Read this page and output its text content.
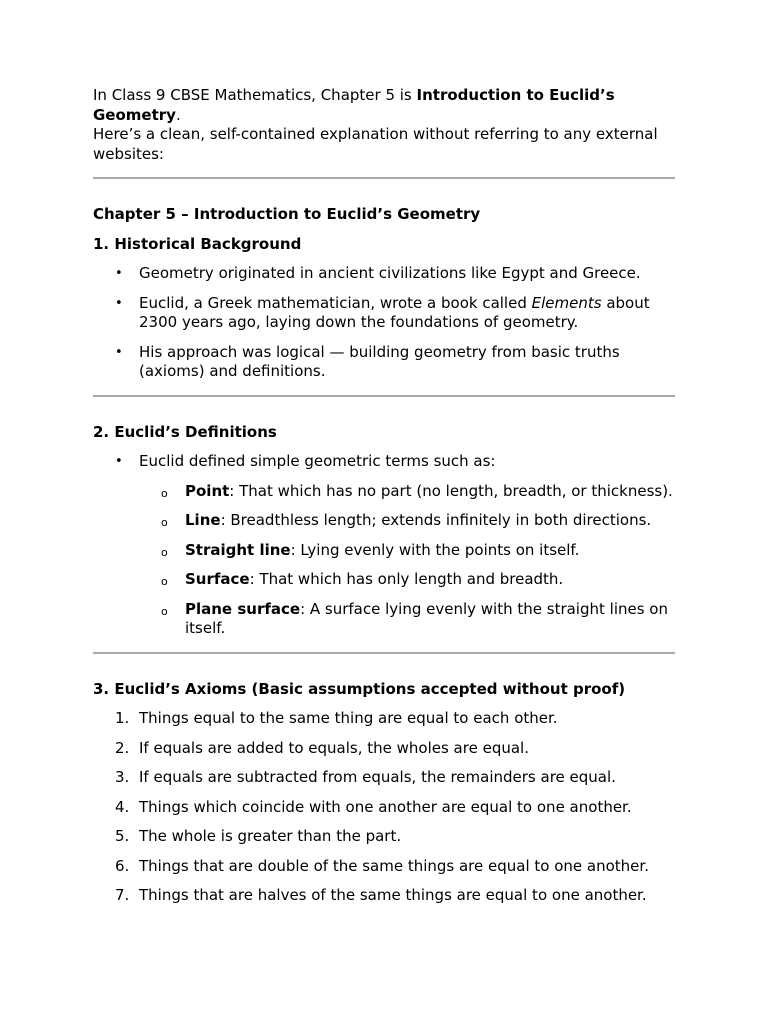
In Class 9 CBSE Mathematics, Chapter 5 is Introduction to Euclid’s Geometry.

Here’s a clean, self-contained explanation without referring to any external websites:

Chapter 5 – Introduction to Euclid’s Geometry

1. Historical Background

• Geometry originated in ancient civilizations like Egypt and Greece.
• Euclid, a Greek mathematician, wrote a book called Elements about 2300 years ago, laying down the foundations of geometry.
• His approach was logical — building geometry from basic truths (axioms) and definitions.

2. Euclid’s Definitions

• Euclid defined simple geometric terms such as:
o Point: That which has no part (no length, breadth, or thickness).
o Line: Breadthless length; extends infinitely in both directions.
o Straight line: Lying evenly with the points on itself.
o Surface: That which has only length and breadth.
o Plane surface: A surface lying evenly with the straight lines on itself.

3. Euclid’s Axioms (Basic assumptions accepted without proof)

1. Things equal to the same thing are equal to each other.
2. If equals are added to equals, the wholes are equal.
3. If equals are subtracted from equals, the remainders are equal.
4. Things which coincide with one another are equal to one another.
5. The whole is greater than the part.
6. Things that are double of the same things are equal to one another.
7. Things that are halves of the same things are equal to one another.
